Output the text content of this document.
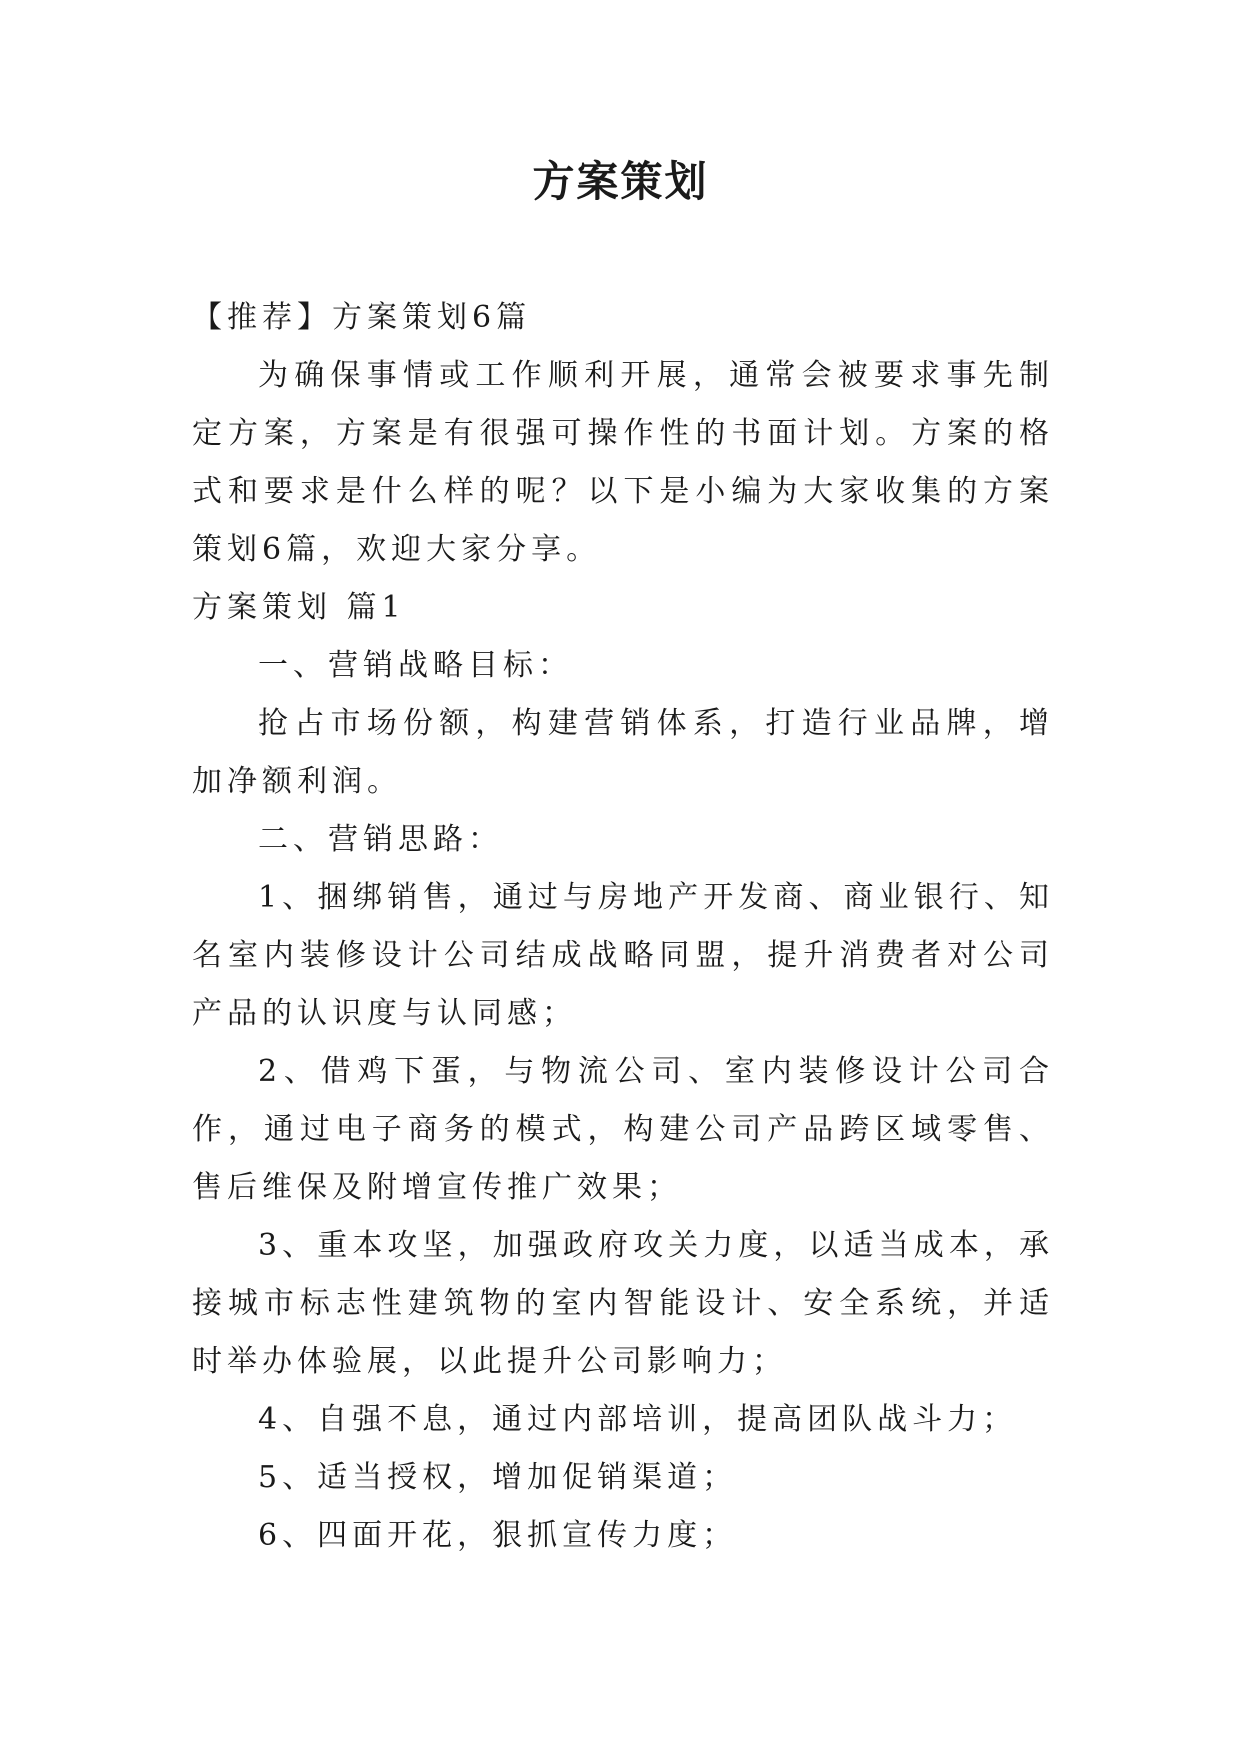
方案策划

【推荐】方案策划6篇

为确保事情或工作顺利开展，通常会被要求事先制定方案，方案是有很强可操作性的书面计划。方案的格式和要求是什么样的呢？以下是小编为大家收集的方案策划6篇，欢迎大家分享。

方案策划 篇1

一、营销战略目标：

抢占市场份额，构建营销体系，打造行业品牌，增加净额利润。

二、营销思路：

1、捆绑销售，通过与房地产开发商、商业银行、知名室内装修设计公司结成战略同盟，提升消费者对公司产品的认识度与认同感；

2、借鸡下蛋，与物流公司、室内装修设计公司合作，通过电子商务的模式，构建公司产品跨区域零售、售后维保及附增宣传推广效果；

3、重本攻坚，加强政府攻关力度，以适当成本，承接城市标志性建筑物的室内智能设计、安全系统，并适时举办体验展，以此提升公司影响力；

4、自强不息，通过内部培训，提高团队战斗力；

5、适当授权，增加促销渠道；

6、四面开花，狠抓宣传力度；
